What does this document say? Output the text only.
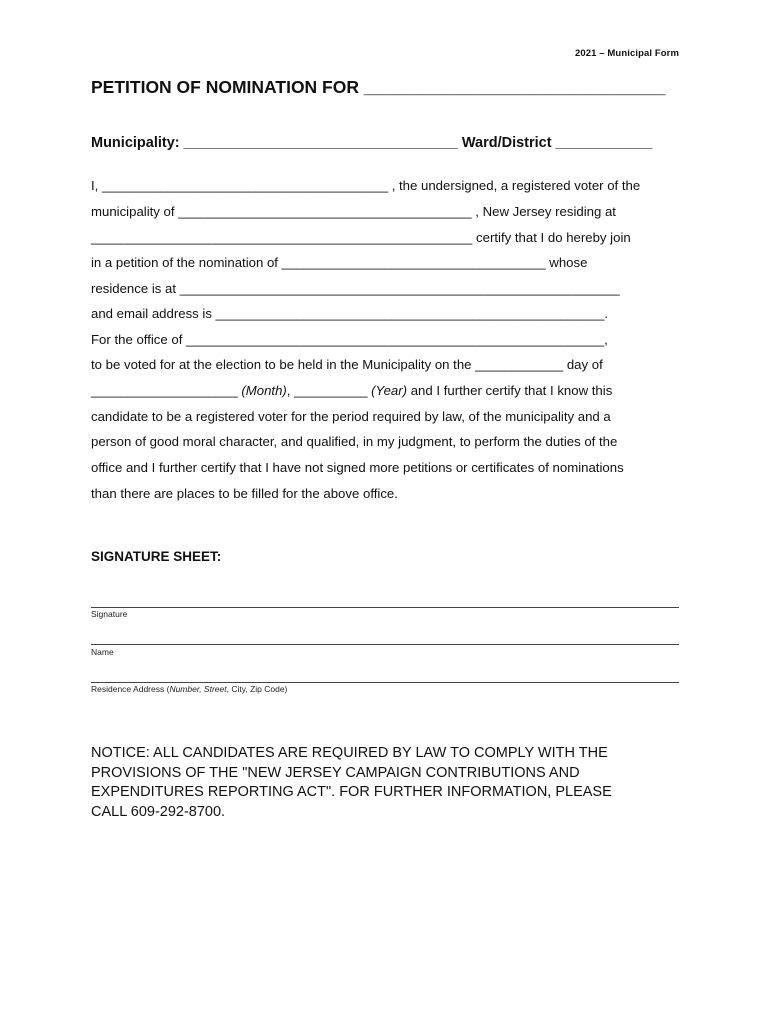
2021 – Municipal Form
PETITION OF NOMINATION FOR _______________________________
Municipality: __________________________________ Ward/District ____________
I, _______________________________________ , the undersigned, a registered voter of the
municipality of ________________________________________ , New Jersey residing at
____________________________________________________ certify that I do hereby join
in a petition of the nomination of ____________________________________ whose
residence is at ____________________________________________________________
and email address is _____________________________________________________.
For the office of _________________________________________________________,
to be voted for at the election to be held in the Municipality on the ____________ day of
____________________ (Month), __________ (Year) and I further certify that I know this
candidate to be a registered voter for the period required by law, of the municipality and a
person of good moral character, and qualified, in my judgment, to perform the duties of the
office and I further certify that I have not signed more petitions or certificates of nominations
than there are places to be filled for the above office.
SIGNATURE SHEET:
Signature
Name
Residence Address (Number, Street, City, Zip Code)
NOTICE: ALL CANDIDATES ARE REQUIRED BY LAW TO COMPLY WITH THE
PROVISIONS OF THE "NEW JERSEY CAMPAIGN CONTRIBUTIONS AND
EXPENDITURES REPORTING ACT". FOR FURTHER INFORMATION, PLEASE
CALL 609-292-8700.
